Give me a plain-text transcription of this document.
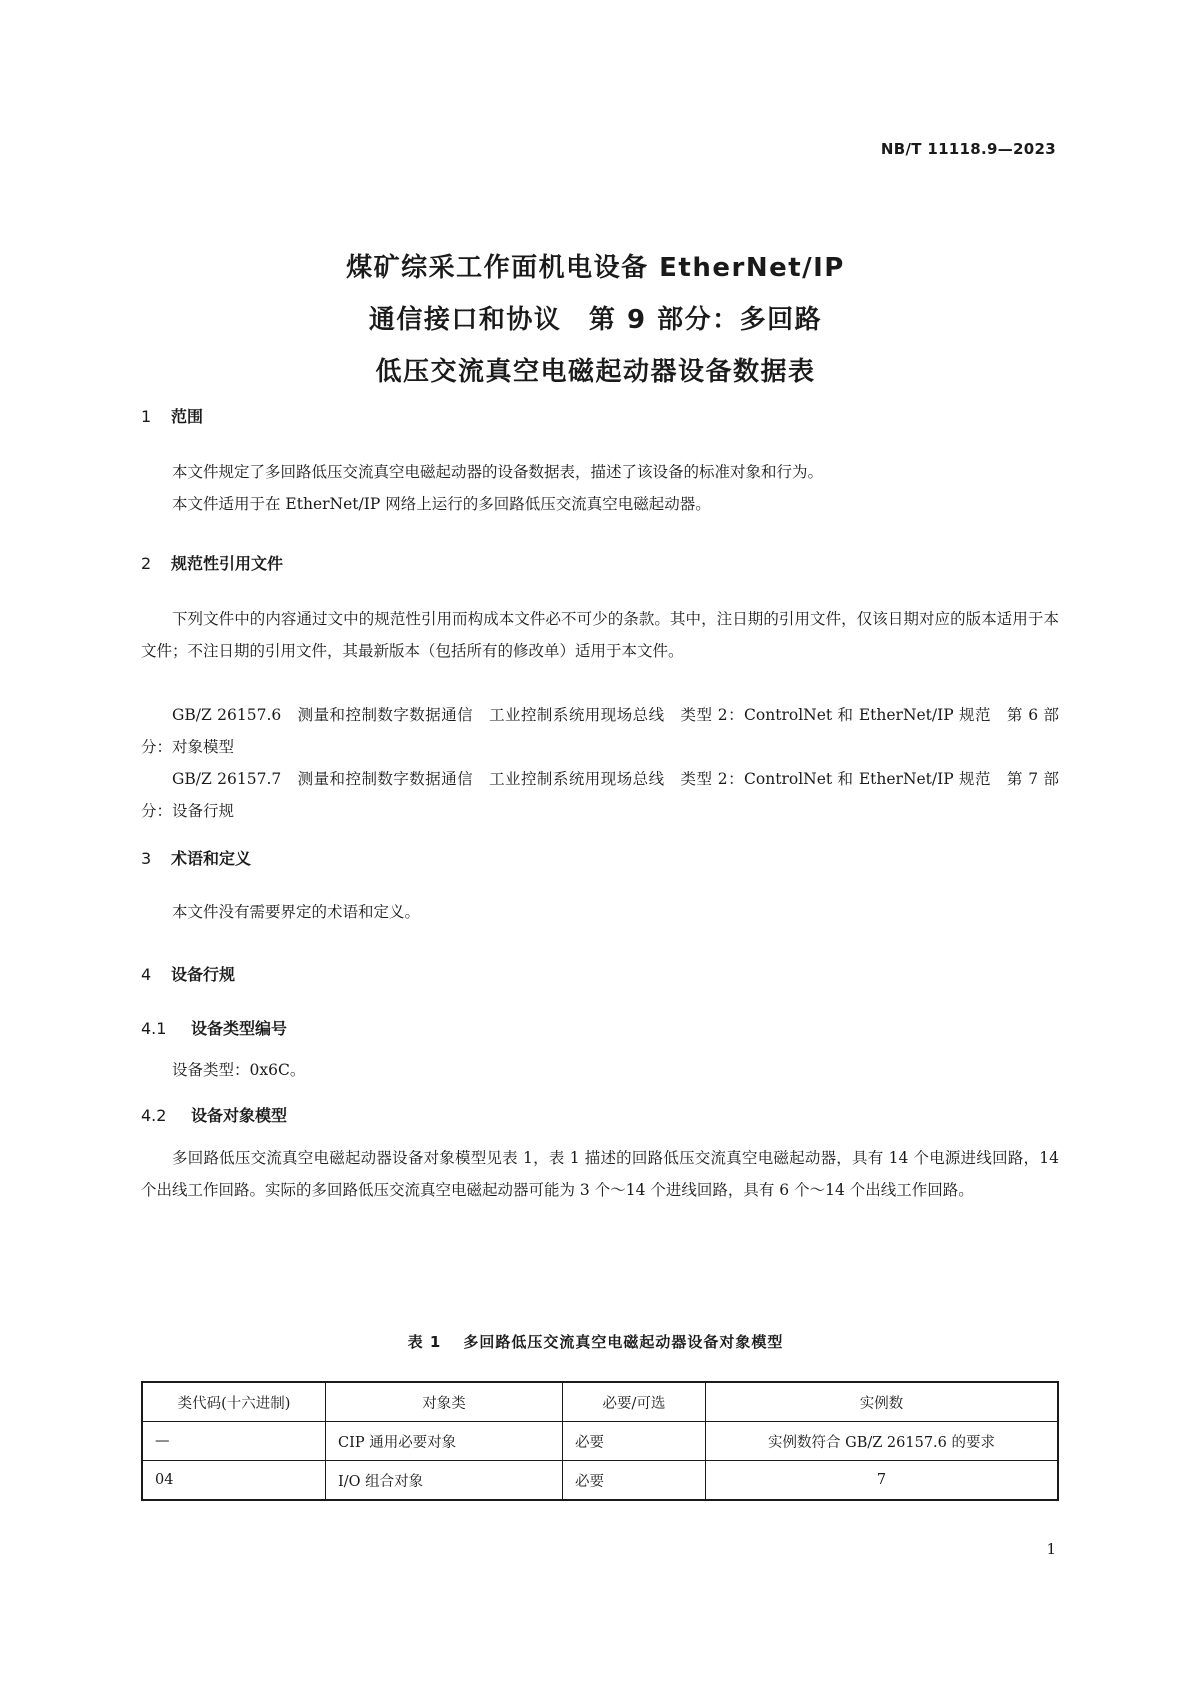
NB/T 11118.9—2023
煤矿综采工作面机电设备 EtherNet/IP
通信接口和协议　第 9 部分：多回路
低压交流真空电磁起动器设备数据表
1 范围
本文件规定了多回路低压交流真空电磁起动器的设备数据表，描述了该设备的标准对象和行为。
本文件适用于在 EtherNet/IP 网络上运行的多回路低压交流真空电磁起动器。
2 规范性引用文件
下列文件中的内容通过文中的规范性引用而构成本文件必不可少的条款。其中，注日期的引用文件，仅该日期对应的版本适用于本文件；不注日期的引用文件，其最新版本（包括所有的修改单）适用于本文件。
GB/Z 26157.6　测量和控制数字数据通信　工业控制系统用现场总线　类型 2：ControlNet 和 EtherNet/IP 规范　第 6 部分：对象模型
GB/Z 26157.7　测量和控制数字数据通信　工业控制系统用现场总线　类型 2：ControlNet 和 EtherNet/IP 规范　第 7 部分：设备行规
3 术语和定义
本文件没有需要界定的术语和定义。
4 设备行规
4.1 设备类型编号
设备类型：0x6C。
4.2 设备对象模型
多回路低压交流真空电磁起动器设备对象模型见表 1，表 1 描述的回路低压交流真空电磁起动器，具有 14 个电源进线回路，14 个出线工作回路。实际的多回路低压交流真空电磁起动器可能为 3 个～14 个进线回路，具有 6 个～14 个出线工作回路。
表 1 多回路低压交流真空电磁起动器设备对象模型
类代码(十六进制)	对象类	必要/可选	实例数
—	CIP 通用必要对象	必要	实例数符合 GB/Z 26157.6 的要求
04	I/O 组合对象	必要	7
1
